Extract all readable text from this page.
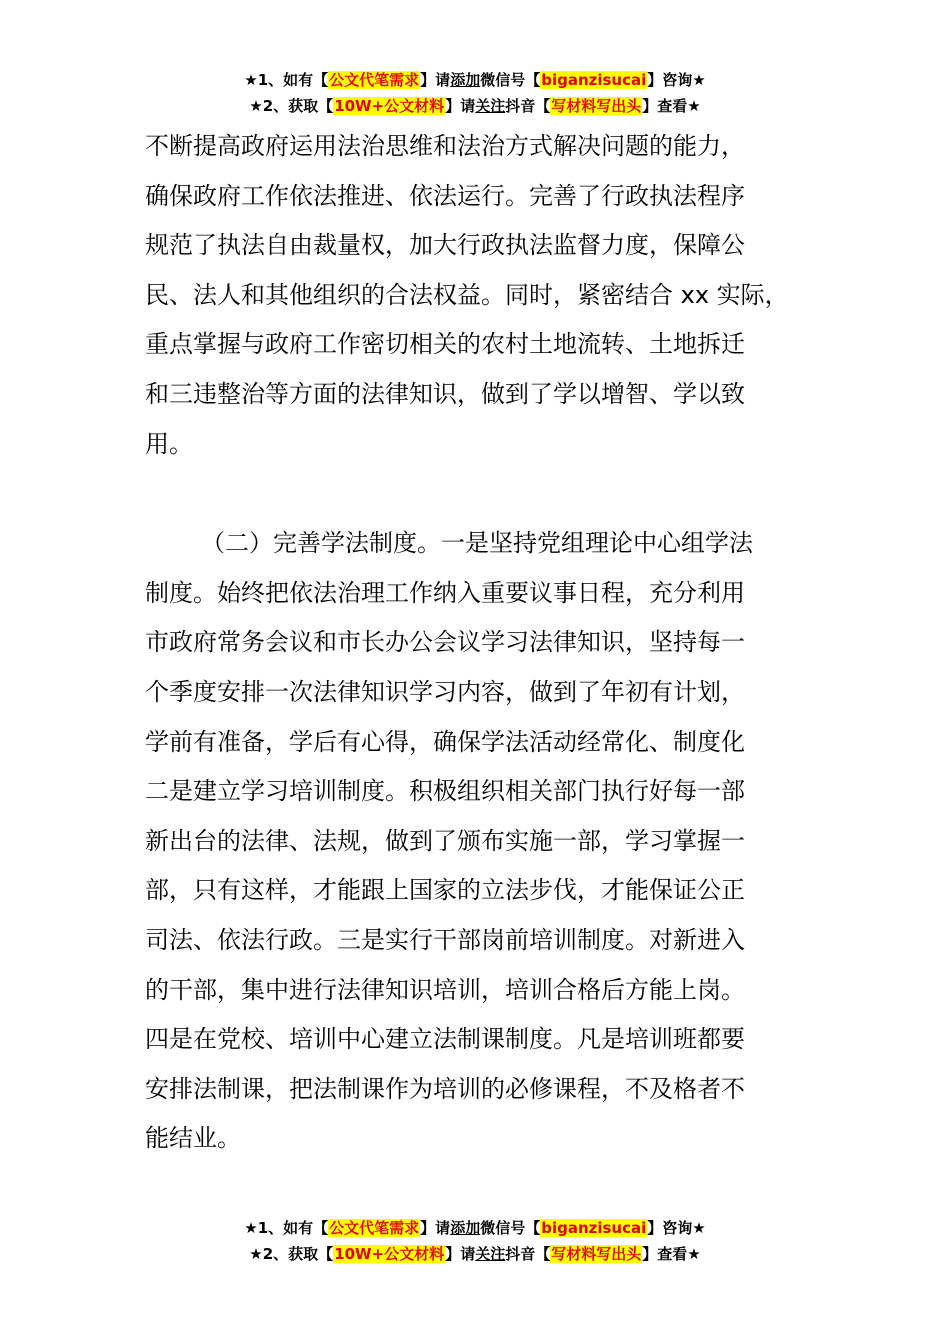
★1、如有【公文代笔需求】请添加微信号【biganzisucai】咨询★
★2、获取【10W+公文材料】请关注抖音【写材料写出头】查看★

不断提高政府运用法治思维和法治方式解决问题的能力，

确保政府工作依法推进、依法运行。完善了行政执法程序

规范了执法自由裁量权，加大行政执法监督力度，保障公

民、法人和其他组织的合法权益。同时，紧密结合 xx 实际，

重点掌握与政府工作密切相关的农村土地流转、土地拆迁

和三违整治等方面的法律知识，做到了学以增智、学以致

用。

（二）完善学法制度。一是坚持党组理论中心组学法

制度。始终把依法治理工作纳入重要议事日程，充分利用

市政府常务会议和市长办公会议学习法律知识，坚持每一

个季度安排一次法律知识学习内容，做到了年初有计划，

学前有准备，学后有心得，确保学法活动经常化、制度化

二是建立学习培训制度。积极组织相关部门执行好每一部

新出台的法律、法规，做到了颁布实施一部，学习掌握一

部，只有这样，才能跟上国家的立法步伐，才能保证公正

司法、依法行政。三是实行干部岗前培训制度。对新进入

的干部，集中进行法律知识培训，培训合格后方能上岗。

四是在党校、培训中心建立法制课制度。凡是培训班都要

安排法制课，把法制课作为培训的必修课程，不及格者不

能结业。

★1、如有【公文代笔需求】请添加微信号【biganzisucai】咨询★
★2、获取【10W+公文材料】请关注抖音【写材料写出头】查看★
